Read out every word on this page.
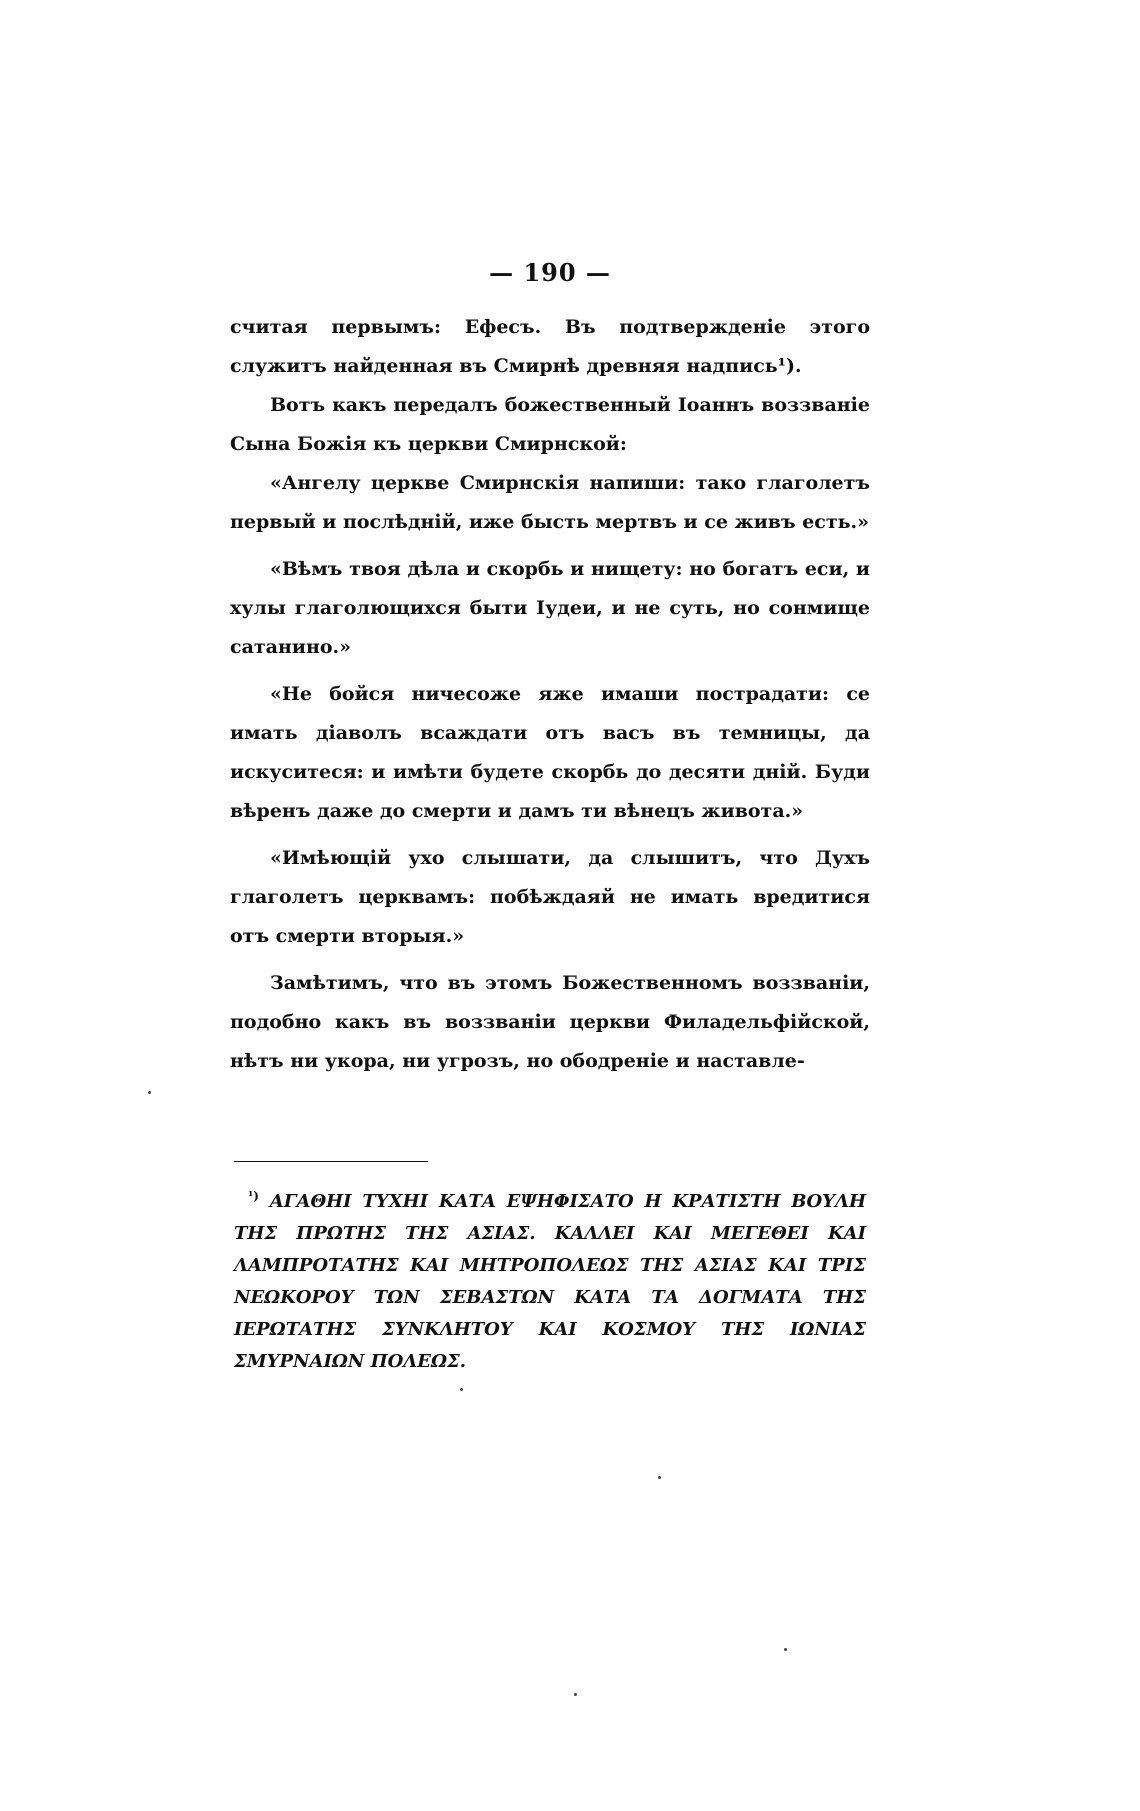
— 190 —

считая первымъ: Ефесъ. Въ подтвержденіе этого служитъ найденная въ Смирнѣ древняя надпись¹).

Вотъ какъ передалъ божественный Іоаннъ воззваніе Сына Божія къ церкви Смирнской:

«Ангелу церкве Смирнскія напиши: тако глаголетъ первый и послѣдній, иже бысть мертвъ и се живъ есть.»

«Вѣмъ твоя дѣла и скорбь и нищету: но богатъ еси, и хулы глаголющихся быти Іудеи, и не суть, но сонмище сатанино.»

«Не бойся ничесоже яже имаши пострадати: се имать діаволъ всаждати отъ васъ въ темницы, да искуситеся: и имѣти будете скорбь до десяти дній. Буди вѣренъ даже до смерти и дамъ ти вѣнецъ живота.»

«Имѣющій ухо слышати, да слышитъ, что Духъ глаголетъ церквамъ: побѣждаяй не имать вредитися отъ смерти вторыя.»

Замѣтимъ, что въ этомъ Божественномъ воззваніи, подобно какъ въ воззваніи церкви Филадельфійской, нѣтъ ни укора, ни угрозъ, но ободреніе и наставле-

$^{^1)}$ ΑΓΑΘΗΙ ΤΥΧΗΙ ΚΑΤΑ ΕΨΗΦΙΣΑΤΟ Η ΚΡΑΤΙΣΤΗ ΒΟΥΛΗ ΤΗΣ ΠΡΩΤΗΣ ΤΗΣ ΑΣΙΑΣ. ΚΑΛΛΕΙ ΚΑΙ ΜΕΓΕΘΕΙ ΚΑΙ ΛΑΜΠΡΟΤΑΤΗΣ ΚΑΙ ΜΗΤΡΟΠΟΛΕΩΣ ΤΗΣ ΑΣΙΑΣ ΚΑΙ ΤΡΙΣ ΝΕΩΚΟΡΟΥ ΤΩΝ ΣΕΒΑΣΤΩΝ ΚΑΤΑ ΤΑ ΔΟΓΜΑΤΑ ΤΗΣ ΙΕΡΩΤΑΤΗΣ ΣΥΝΚΛΗΤΟΥ ΚΑΙ ΚΟΣΜΟΥ ΤΗΣ ΙΩΝΙΑΣ ΣΜΥΡΝΑΙΩΝ ΠΟΛΕΩΣ.
